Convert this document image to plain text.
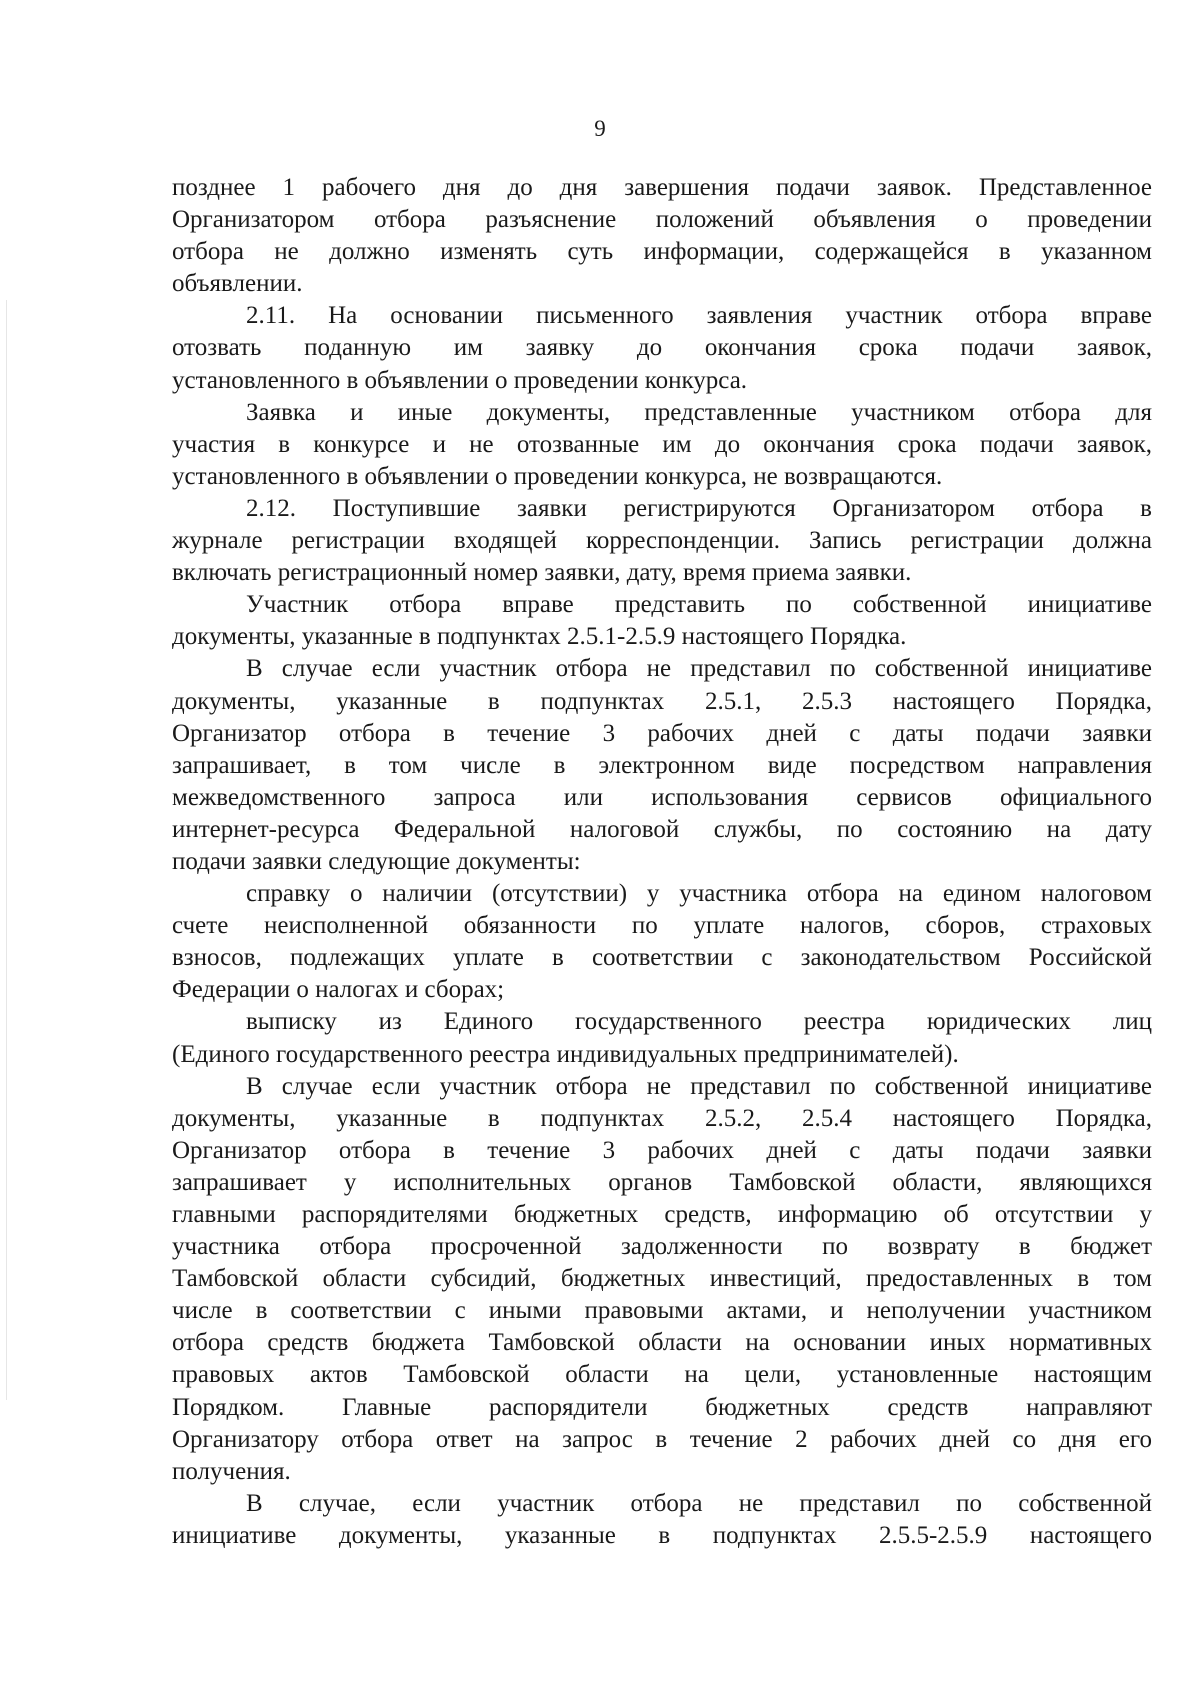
9
позднее 1 рабочего дня до дня завершения подачи заявок. Представленное
Организатором отбора разъяснение положений объявления о проведении
отбора не должно изменять суть информации, содержащейся в указанном
объявлении.
2.11. На основании письменного заявления участник отбора вправе
отозвать поданную им заявку до окончания срока подачи заявок,
установленного в объявлении о проведении конкурса.
Заявка и иные документы, представленные участником отбора для
участия в конкурсе и не отозванные им до окончания срока подачи заявок,
установленного в объявлении о проведении конкурса, не возвращаются.
2.12. Поступившие заявки регистрируются Организатором отбора в
журнале регистрации входящей корреспонденции. Запись регистрации должна
включать регистрационный номер заявки, дату, время приема заявки.
Участник отбора вправе представить по собственной инициативе
документы, указанные в подпунктах 2.5.1-2.5.9 настоящего Порядка.
В случае если участник отбора не представил по собственной инициативе
документы, указанные в подпунктах 2.5.1, 2.5.3 настоящего Порядка,
Организатор отбора в течение 3 рабочих дней с даты подачи заявки
запрашивает, в том числе в электронном виде посредством направления
межведомственного запроса или использования сервисов официального
интернет-ресурса Федеральной налоговой службы, по состоянию на дату
подачи заявки следующие документы:
справку о наличии (отсутствии) у участника отбора на едином налоговом
счете неисполненной обязанности по уплате налогов, сборов, страховых
взносов, подлежащих уплате в соответствии с законодательством Российской
Федерации о налогах и сборах;
выписку из Единого государственного реестра юридических лиц
(Единого государственного реестра индивидуальных предпринимателей).
В случае если участник отбора не представил по собственной инициативе
документы, указанные в подпунктах 2.5.2, 2.5.4 настоящего Порядка,
Организатор отбора в течение 3 рабочих дней с даты подачи заявки
запрашивает у исполнительных органов Тамбовской области, являющихся
главными распорядителями бюджетных средств, информацию об отсутствии у
участника отбора просроченной задолженности по возврату в бюджет
Тамбовской области субсидий, бюджетных инвестиций, предоставленных в том
числе в соответствии с иными правовыми актами, и неполучении участником
отбора средств бюджета Тамбовской области на основании иных нормативных
правовых актов Тамбовской области на цели, установленные настоящим
Порядком. Главные распорядители бюджетных средств направляют
Организатору отбора ответ на запрос в течение 2 рабочих дней со дня его
получения.
В случае, если участник отбора не представил по собственной
инициативе документы, указанные в подпунктах 2.5.5-2.5.9 настоящего
